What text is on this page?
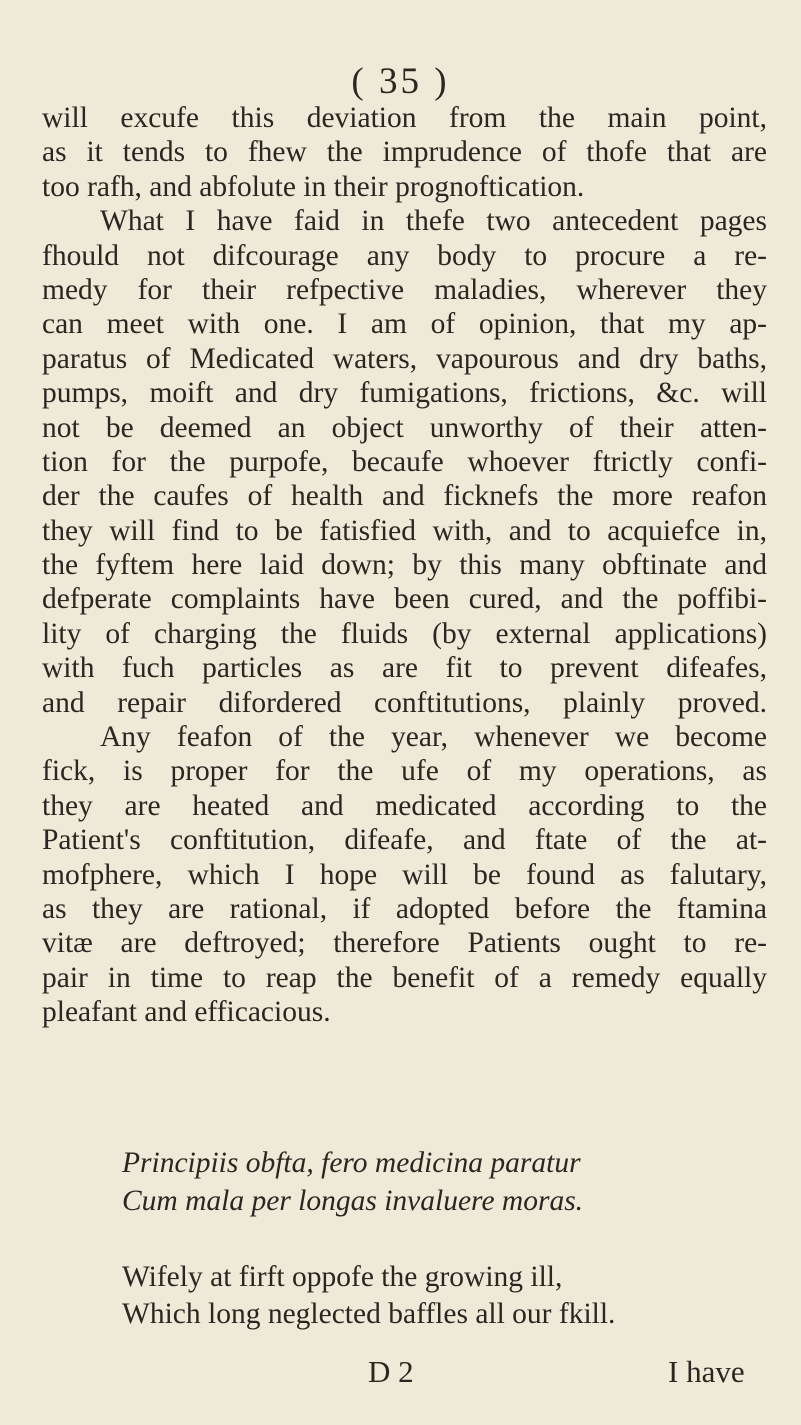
( 35 )
will excufe this deviation from the main point,
as it tends to fhew the imprudence of thofe that are
too rafh, and abfolute in their prognoftication.
What I have faid in thefe two antecedent pages
fhould not difcourage any body to procure a re-
medy for their refpective maladies, wherever they
can meet with one. I am of opinion, that my ap-
paratus of Medicated waters, vapourous and dry baths,
pumps, moift and dry fumigations, frictions, &c. will
not be deemed an object unworthy of their atten-
tion for the purpofe, becaufe whoever ftrictly confi-
der the caufes of health and ficknefs the more reafon
they will find to be fatisfied with, and to acquiefce in,
the fyftem here laid down; by this many obftinate and
defperate complaints have been cured, and the poffibi-
lity of charging the fluids (by external applications)
with fuch particles as are fit to prevent difeafes,
and repair difordered conftitutions, plainly proved.
Any feafon of the year, whenever we become
fick, is proper for the ufe of my operations, as
they are heated and medicated according to the
Patient's conftitution, difeafe, and ftate of the at-
mofphere, which I hope will be found as falutary,
as they are rational, if adopted before the ftamina
vitæ are deftroyed; therefore Patients ought to re-
pair in time to reap the benefit of a remedy equally
pleafant and efficacious.
Principiis obfta, fero medicina paratur
Cum mala per longas invaluere moras.
Wifely at firft oppofe the growing ill,
Which long neglected baffles all our fkill.
D 2	I have
